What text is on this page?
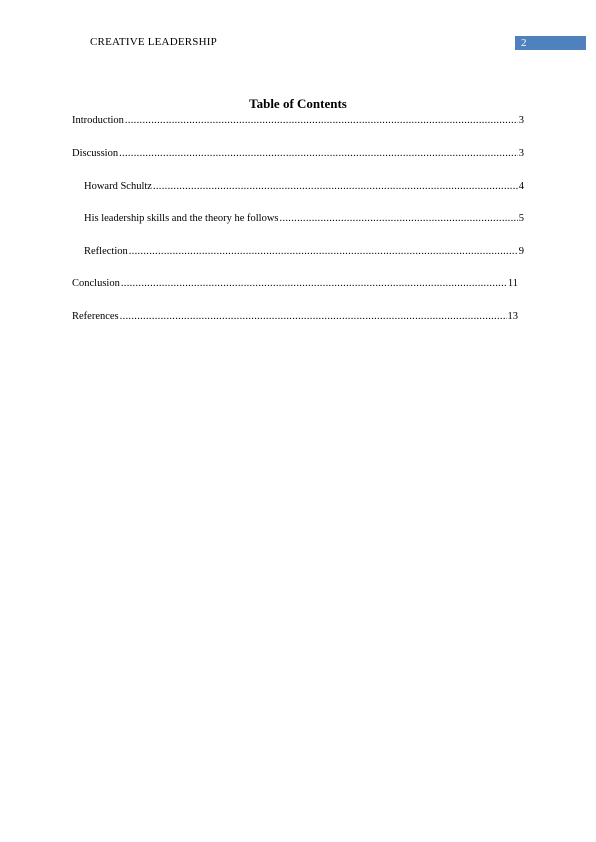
CREATIVE LEADERSHIP	2
Table of Contents
Introduction .....	3
Discussion .....	3
Howard Schultz .....	4
His leadership skills and the theory he follows .....	5
Reflection .....	9
Conclusion .....	11
References .....	13
